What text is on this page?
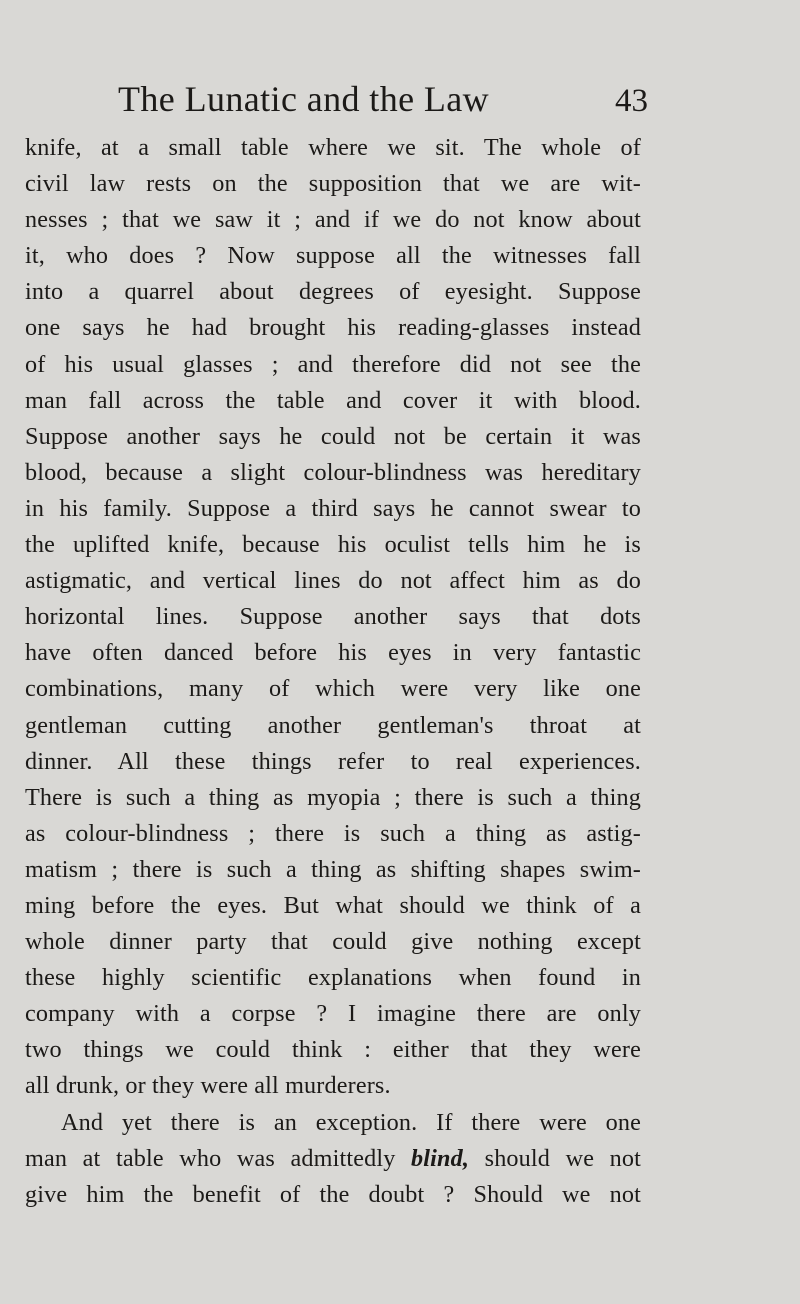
The Lunatic and the Law	43
knife, at a small table where we sit. The whole of
civil law rests on the supposition that we are wit-
nesses ; that we saw it ; and if we do not know about
it, who does ? Now suppose all the witnesses fall
into a quarrel about degrees of eyesight. Suppose
one says he had brought his reading-glasses instead
of his usual glasses ; and therefore did not see the
man fall across the table and cover it with blood.
Suppose another says he could not be certain it was
blood, because a slight colour-blindness was hereditary
in his family. Suppose a third says he cannot swear to
the uplifted knife, because his oculist tells him he is
astigmatic, and vertical lines do not affect him as do
horizontal lines. Suppose another says that dots
have often danced before his eyes in very fantastic
combinations, many of which were very like one
gentleman cutting another gentleman's throat at
dinner. All these things refer to real experiences.
There is such a thing as myopia ; there is such a thing
as colour-blindness ; there is such a thing as astig-
matism ; there is such a thing as shifting shapes swim-
ming before the eyes. But what should we think of a
whole dinner party that could give nothing except
these highly scientific explanations when found in
company with a corpse ? I imagine there are only
two things we could think : either that they were
all drunk, or they were all murderers.
And yet there is an exception. If there were one
man at table who was admittedly blind, should we not
give him the benefit of the doubt ? Should we not
